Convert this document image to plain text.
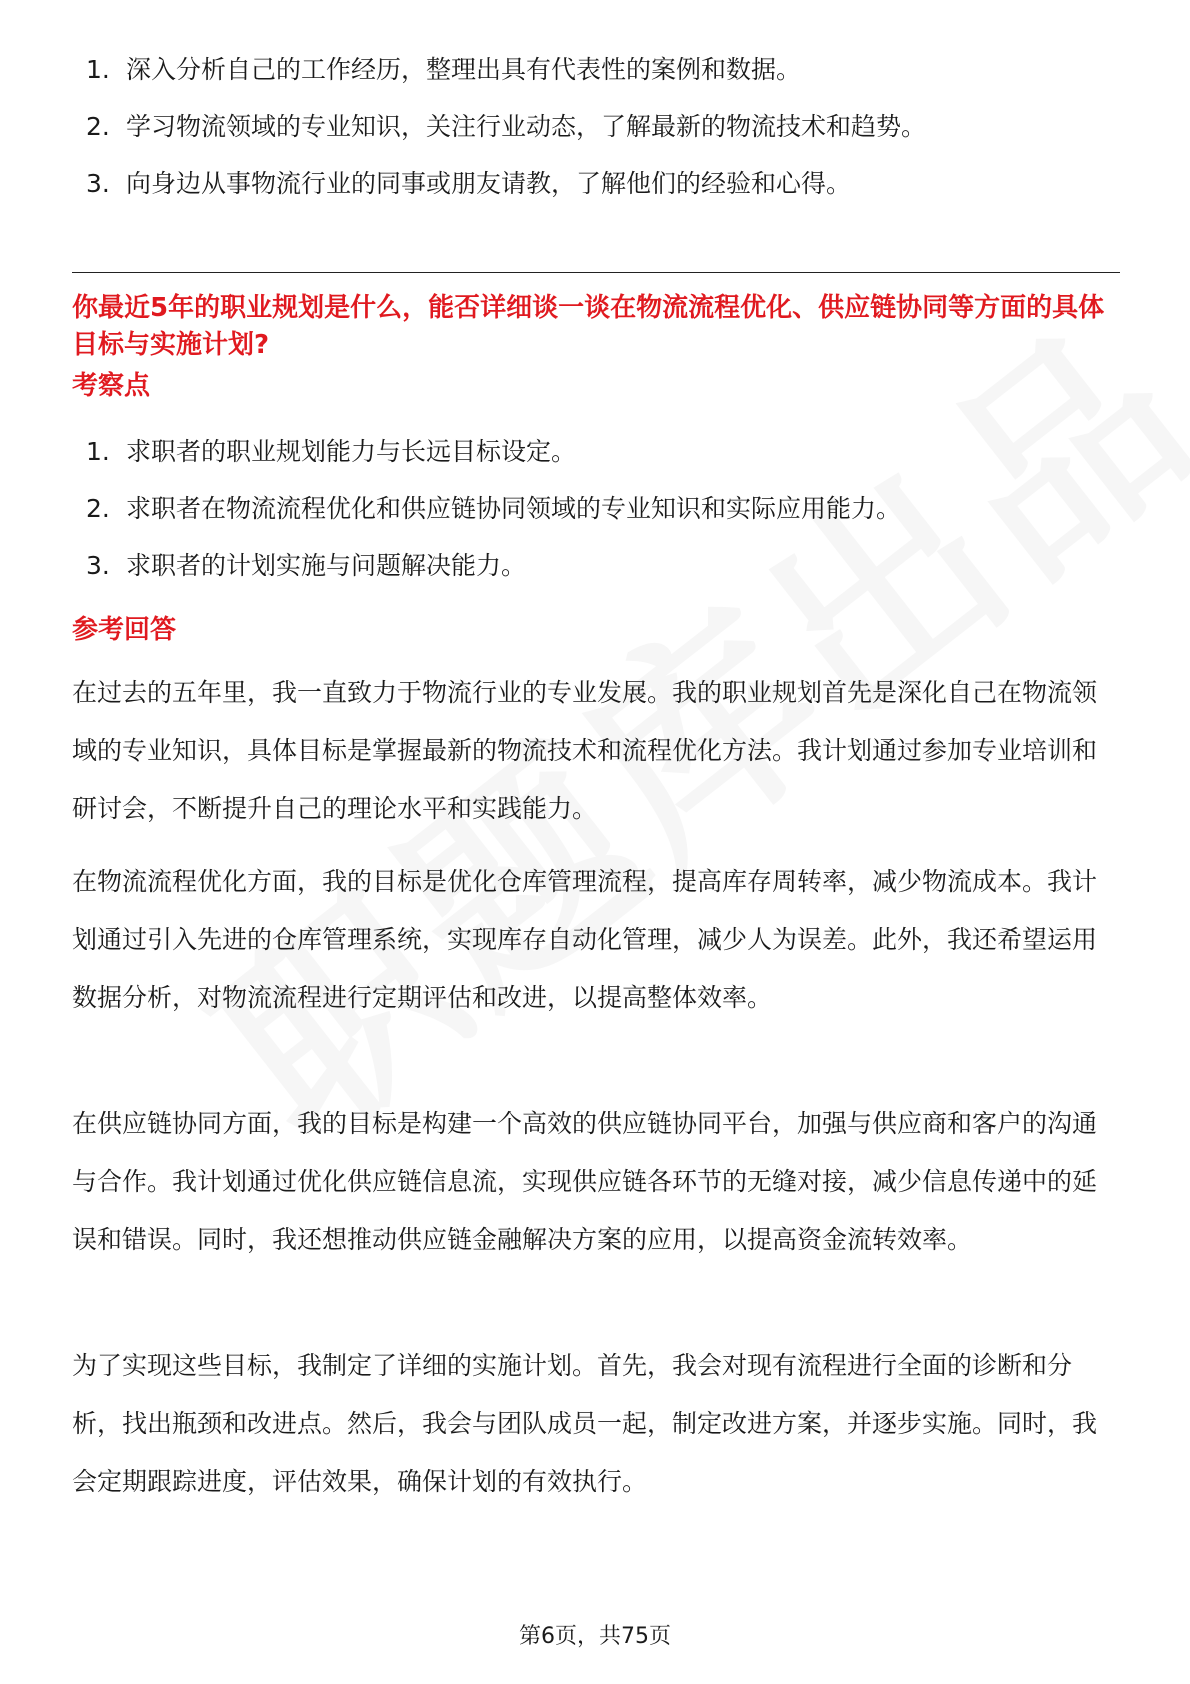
1. 深入分析自己的工作经历，整理出具有代表性的案例和数据。
2. 学习物流领域的专业知识，关注行业动态，了解最新的物流技术和趋势。
3. 向身边从事物流行业的同事或朋友请教，了解他们的经验和心得。
你最近5年的职业规划是什么，能否详细谈一谈在物流流程优化、供应链协同等方面的具体目标与实施计划?
考察点
1. 求职者的职业规划能力与长远目标设定。
2. 求职者在物流流程优化和供应链协同领域的专业知识和实际应用能力。
3. 求职者的计划实施与问题解决能力。
参考回答

在过去的五年里，我一直致力于物流行业的专业发展。我的职业规划首先是深化自己在物流领域的专业知识，具体目标是掌握最新的物流技术和流程优化方法。我计划通过参加专业培训和研讨会，不断提升自己的理论水平和实践能力。

在物流流程优化方面，我的目标是优化仓库管理流程，提高库存周转率，减少物流成本。我计划通过引入先进的仓库管理系统，实现库存自动化管理，减少人为误差。此外，我还希望运用数据分析，对物流流程进行定期评估和改进，以提高整体效率。

在供应链协同方面，我的目标是构建一个高效的供应链协同平台，加强与供应商和客户的沟通与合作。我计划通过优化供应链信息流，实现供应链各环节的无缝对接，减少信息传递中的延误和错误。同时，我还想推动供应链金融解决方案的应用，以提高资金流转效率。

为了实现这些目标，我制定了详细的实施计划。首先，我会对现有流程进行全面的诊断和分析，找出瓶颈和改进点。然后，我会与团队成员一起，制定改进方案，并逐步实施。同时，我会定期跟踪进度，评估效果，确保计划的有效执行。

第6页，共75页
